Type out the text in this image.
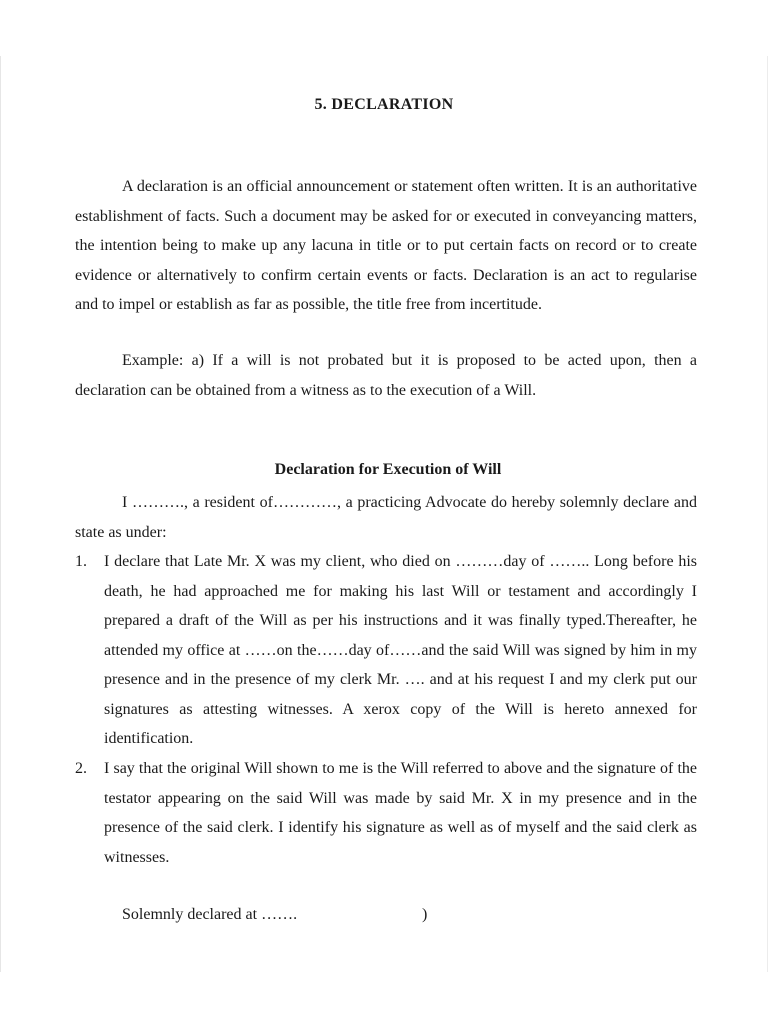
5. DECLARATION

A declaration is an official announcement or statement often written. It is an authoritative establishment of facts. Such a document may be asked for or executed in conveyancing matters, the intention being to make up any lacuna in title or to put certain facts on record or to create evidence or alternatively to confirm certain events or facts. Declaration is an act to regularise and to impel or establish as far as possible, the title free from incertitude.

Example: a) If a will is not probated but it is proposed to be acted upon, then a declaration can be obtained from a witness as to the execution of a Will.

Declaration for Execution of Will

I ………., a resident of…………, a practicing Advocate do hereby solemnly declare and state as under:

1. I declare that Late Mr. X was my client, who died on ………day of …….. Long before his death, he had approached me for making his last Will or testament and accordingly I prepared a draft of the Will as per his instructions and it was finally typed.Thereafter, he attended my office at ……on the……day of……and the said Will was signed by him in my presence and in the presence of my clerk Mr. …. and at his request I and my clerk put our signatures as attesting witnesses. A xerox copy of the Will is hereto annexed for identification.
2. I say that the original Will shown to me is the Will referred to above and the signature of the testator appearing on the said Will was made by said Mr. X in my presence and in the presence of the said clerk. I identify his signature as well as of myself and the said clerk as witnesses.
Solemnly declared at …….	)
